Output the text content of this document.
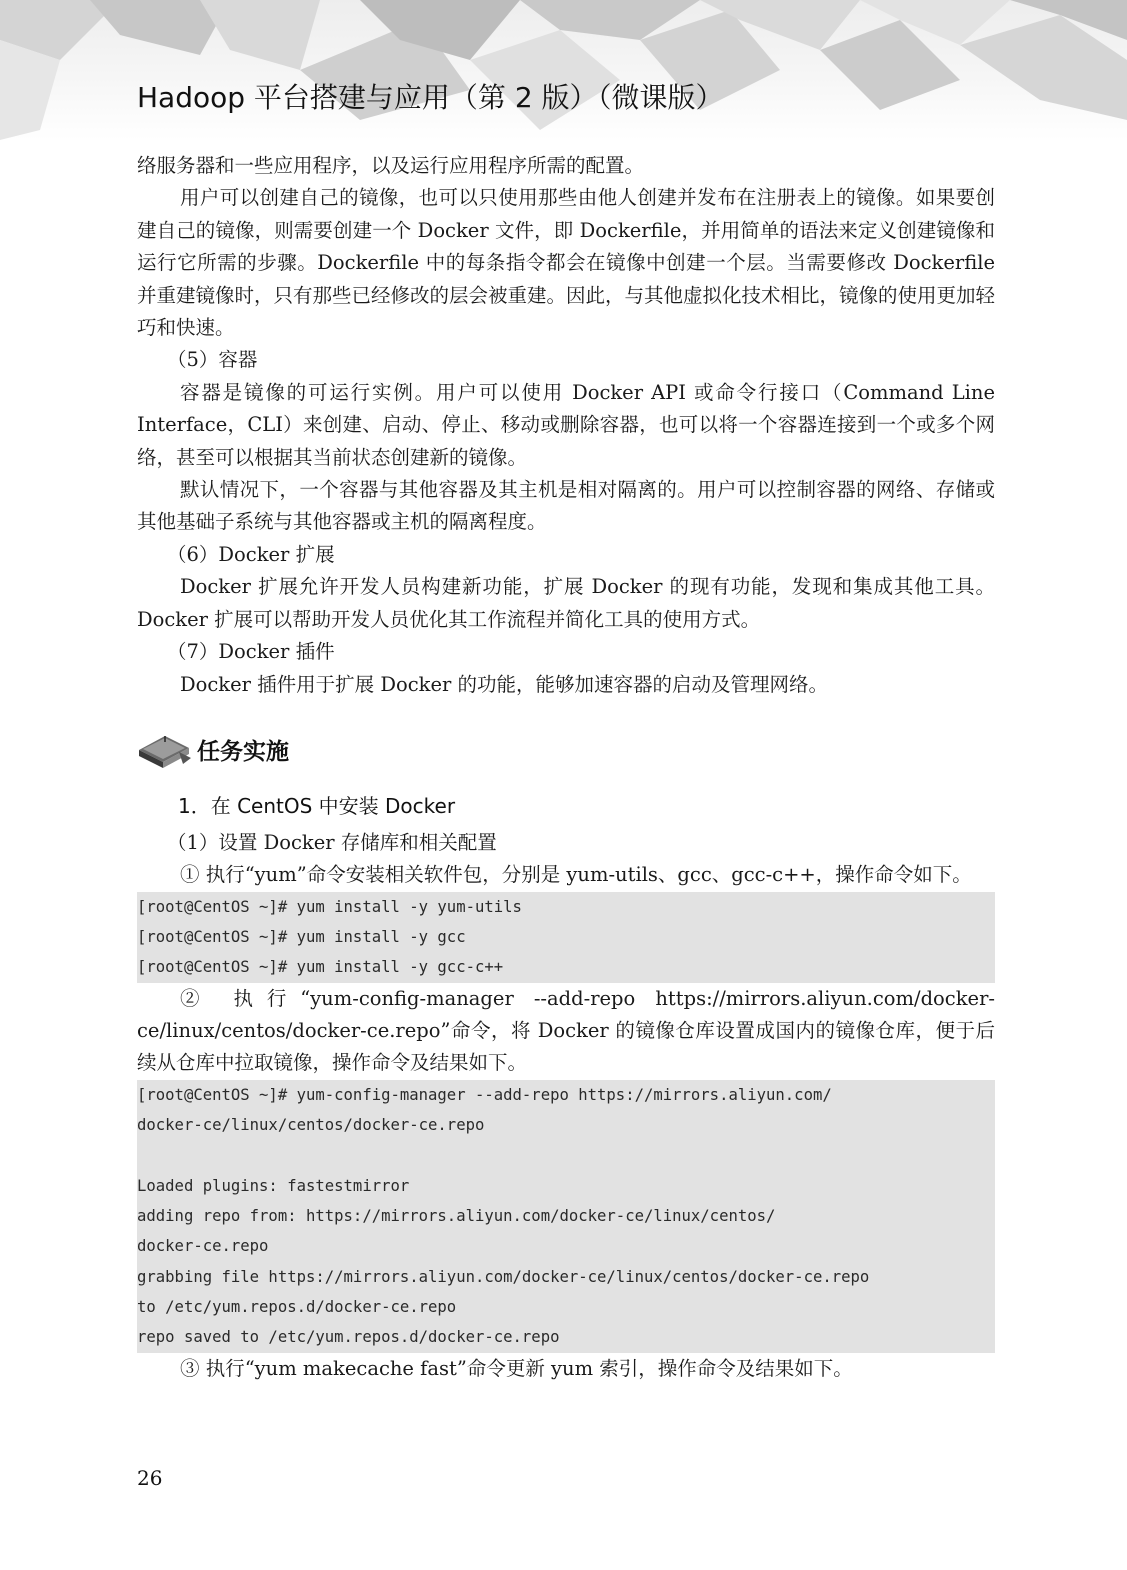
Hadoop 平台搭建与应用（第 2 版）（微课版）

络服务器和一些应用程序，以及运行应用程序所需的配置。

用户可以创建自己的镜像，也可以只使用那些由他人创建并发布在注册表上的镜像。如果要创建自己的镜像，则需要创建一个 Docker 文件，即 Dockerfile，并用简单的语法来定义创建镜像和运行它所需的步骤。Dockerfile 中的每条指令都会在镜像中创建一个层。当需要修改 Dockerfile 并重建镜像时，只有那些已经修改的层会被重建。因此，与其他虚拟化技术相比，镜像的使用更加轻巧和快速。

（5）容器

容器是镜像的可运行实例。用户可以使用 Docker API 或命令行接口（Command Line Interface，CLI）来创建、启动、停止、移动或删除容器，也可以将一个容器连接到一个或多个网络，甚至可以根据其当前状态创建新的镜像。

默认情况下，一个容器与其他容器及其主机是相对隔离的。用户可以控制容器的网络、存储或其他基础子系统与其他容器或主机的隔离程度。

（6）Docker 扩展

Docker 扩展允许开发人员构建新功能，扩展 Docker 的现有功能，发现和集成其他工具。Docker 扩展可以帮助开发人员优化其工作流程并简化工具的使用方式。

（7）Docker 插件

Docker 插件用于扩展 Docker 的功能，能够加速容器的启动及管理网络。

任务实施
1．在 CentOS 中安装 Docker

（1）设置 Docker 存储库和相关配置

① 执行“yum”命令安装相关软件包，分别是 yum-utils、gcc、gcc-c++，操作命令如下。

[root@CentOS ~]# yum install -y yum-utils
[root@CentOS ~]# yum install -y gcc
[root@CentOS ~]# yum install -y gcc-c++

② 执行“yum-config-manager --add-repo https://mirrors.aliyun.com/docker-ce/linux/centos/docker-ce.repo”命令，将 Docker 的镜像仓库设置成国内的镜像仓库，便于后续从仓库中拉取镜像，操作命令及结果如下。

[root@CentOS ~]# yum-config-manager --add-repo https://mirrors.aliyun.com/
docker-ce/linux/centos/docker-ce.repo
Loaded plugins: fastestmirror
adding repo from: https://mirrors.aliyun.com/docker-ce/linux/centos/
docker-ce.repo
grabbing file https://mirrors.aliyun.com/docker-ce/linux/centos/docker-ce.repo
to /etc/yum.repos.d/docker-ce.repo
repo saved to /etc/yum.repos.d/docker-ce.repo

③ 执行“yum makecache fast”命令更新 yum 索引，操作命令及结果如下。

26
